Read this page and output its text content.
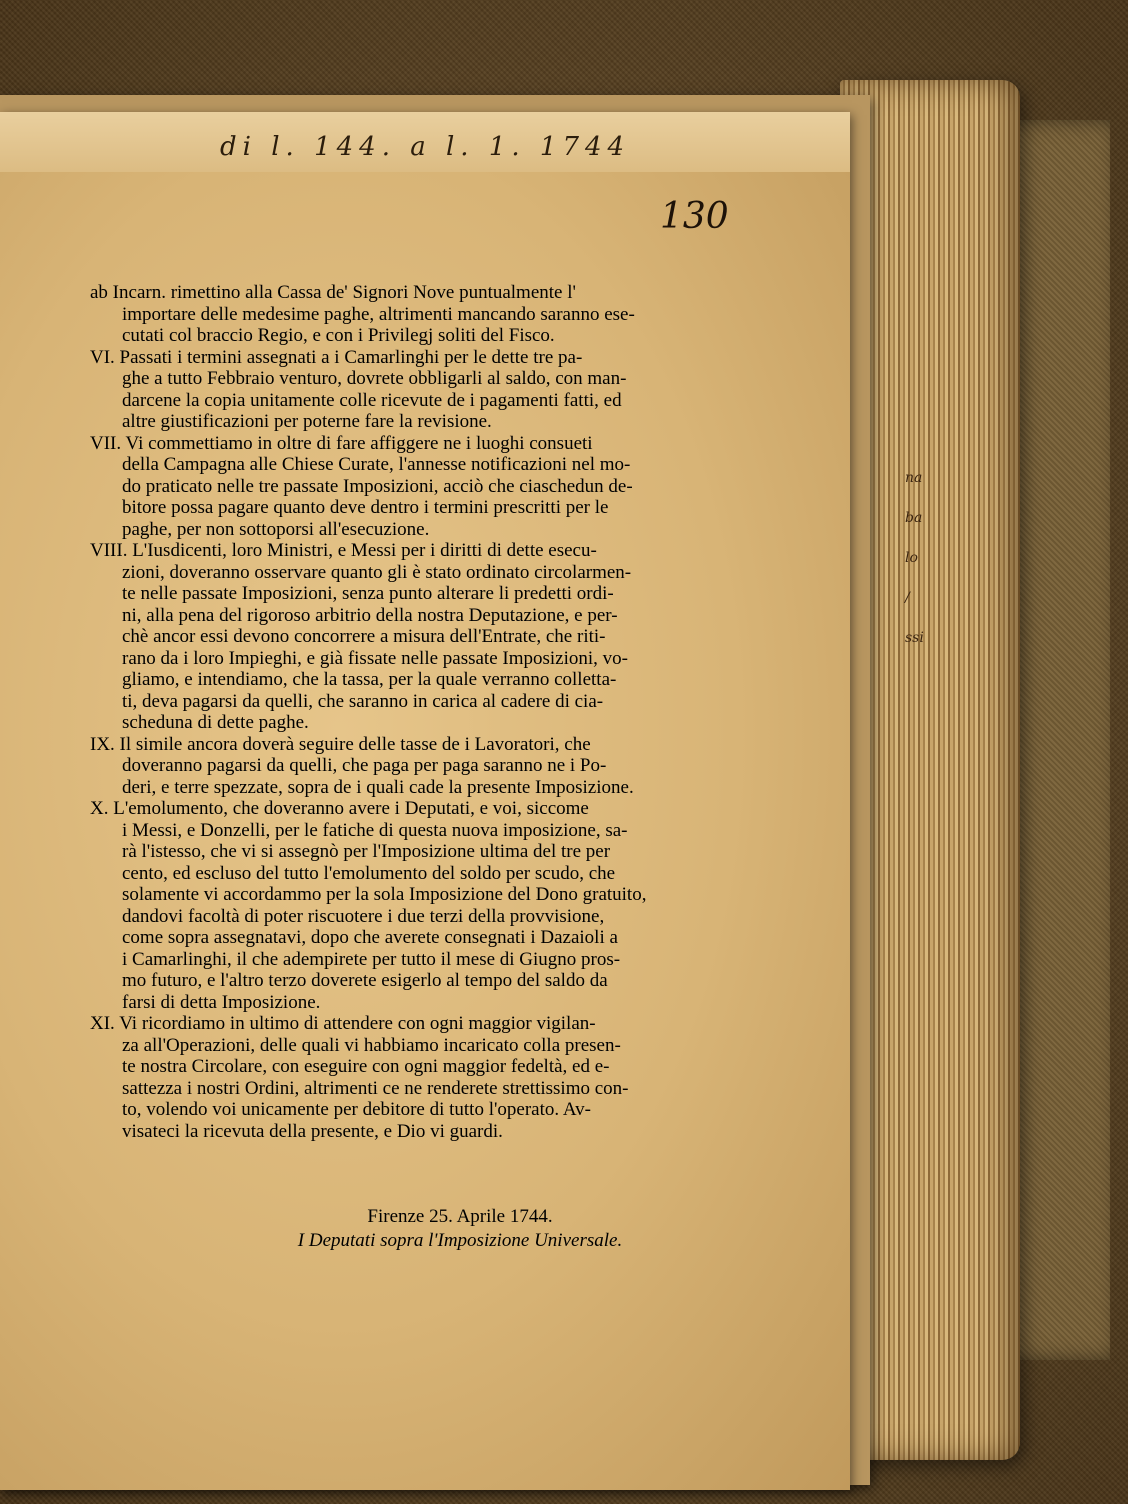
di l. 144. a l. 1. 1744
130
ab Incarn. rimettino alla Cassa de' Signori Nove puntualmente l'
importare delle medesime paghe, altrimenti mancando saranno ese-
cutati col braccio Regio, e con i Privilegj soliti del Fisco.
VI. Passati i termini assegnati a i Camarlinghi per le dette tre pa-
ghe a tutto Febbraio venturo, dovrete obbligarli al saldo, con man-
darcene la copia unitamente colle ricevute de i pagamenti fatti, ed
altre giustificazioni per poterne fare la revisione.
VII. Vi commettiamo in oltre di fare affiggere ne i luoghi consueti
della Campagna alle Chiese Curate, l'annesse notificazioni nel mo-
do praticato nelle tre passate Imposizioni, acciò che ciaschedun de-
bitore possa pagare quanto deve dentro i termini prescritti per le
paghe, per non sottoporsi all'esecuzione.
VIII. L'Iusdicenti, loro Ministri, e Messi per i diritti di dette esecu-
zioni, doveranno osservare quanto gli è stato ordinato circolarmen-
te nelle passate Imposizioni, senza punto alterare li predetti ordi-
ni, alla pena del rigoroso arbitrio della nostra Deputazione, e per-
chè ancor essi devono concorrere a misura dell'Entrate, che riti-
rano da i loro Impieghi, e già fissate nelle passate Imposizioni, vo-
gliamo, e intendiamo, che la tassa, per la quale verranno colletta-
ti, deva pagarsi da quelli, che saranno in carica al cadere di cia-
scheduna di dette paghe.
IX. Il simile ancora doverà seguire delle tasse de i Lavoratori, che
doveranno pagarsi da quelli, che paga per paga saranno ne i Po-
deri, e terre spezzate, sopra de i quali cade la presente Imposizione.
X. L'emolumento, che doveranno avere i Deputati, e voi, siccome
i Messi, e Donzelli, per le fatiche di questa nuova imposizione, sa-
rà l'istesso, che vi si assegnò per l'Imposizione ultima del tre per
cento, ed escluso del tutto l'emolumento del soldo per scudo, che
solamente vi accordammo per la sola Imposizione del Dono gratuito,
dandovi facoltà di poter riscuotere i due terzi della provvisione,
come sopra assegnatavi, dopo che averete consegnati i Dazaioli a
i Camarlinghi, il che adempirete per tutto il mese di Giugno pros-
mo futuro, e l'altro terzo doverete esigerlo al tempo del saldo da
farsi di detta Imposizione.
XI. Vi ricordiamo in ultimo di attendere con ogni maggior vigilan-
za all'Operazioni, delle quali vi habbiamo incaricato colla presen-
te nostra Circolare, con eseguire con ogni maggior fedeltà, ed e-
sattezza i nostri Ordini, altrimenti ce ne renderete strettissimo con-
to, volendo voi unicamente per debitore di tutto l'operato. Av-
visateci la ricevuta della presente, e Dio vi guardi.
Firenze 25. Aprile 1744.
I Deputati sopra l'Imposizione Universale.
na
ba
lo
/
ssi
